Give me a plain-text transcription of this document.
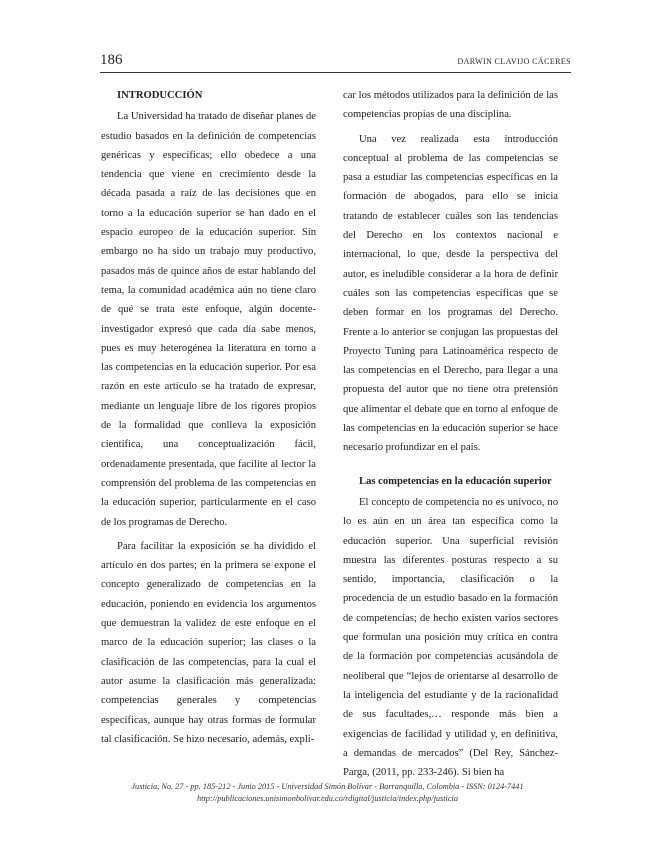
186	DARWIN CLAVIJO CÁCERES
INTRODUCCIÓN

La Universidad ha tratado de diseñar planes de estudio basados en la definición de competencias genéricas y específicas; ello obedece a una tendencia que viene en crecimiento desde la década pasada a raíz de las decisiones que en torno a la educación superior se han dado en el espacio europeo de la educación superior. Sin embargo no ha sido un trabajo muy productivo, pasados más de quince años de estar hablando del tema, la comunidad académica aún no tiene claro de qué se trata este enfoque, algún docente-investigador expresó que cada día sabe menos, pues es muy heterogénea la literatura en torno a las competencias en la educación superior. Por esa razón en este artículo se ha tratado de expresar, mediante un lenguaje libre de los rigores propios de la formalidad que conlleva la exposición científica, una conceptualización fácil, ordenadamente presentada, que facilite al lector la comprensión del problema de las competencias en la educación superior, particularmente en el caso de los programas de Derecho.

Para facilitar la exposición se ha dividido el artículo en dos partes; en la primera se expone el concepto generalizado de competencias en la educación, poniendo en evidencia los argumentos que demuestran la validez de este enfoque en el marco de la educación superior; las clases o la clasificación de las competencias, para la cual el autor asume la clasificación más generalizada: competencias generales y competencias específicas, aunque hay otras formas de formular tal clasificación. Se hizo necesario, además, expli-

car los métodos utilizados para la definición de las competencias propias de una disciplina.

Una vez realizada esta introducción conceptual al problema de las competencias se pasa a estudiar las competencias específicas en la formación de abogados, para ello se inicia tratando de establecer cuáles son las tendencias del Derecho en los contextos nacional e internacional, lo que, desde la perspectiva del autor, es ineludible considerar a la hora de definir cuáles son las competencias específicas que se deben formar en los programas del Derecho. Frente a lo anterior se conjugan las propuestas del Proyecto Tuning para Latinoamérica respecto de las competencias en el Derecho, para llegar a una propuesta del autor que no tiene otra pretensión que alimentar el debate que en torno al enfoque de las competencias en la educación superior se hace necesario profundizar en el país.

Las competencias en la educación superior

El concepto de competencia no es unívoco, no lo es aún en un área tan específica como la educación superior. Una superficial revisión muestra las diferentes posturas respecto a su sentido, importancia, clasificación o la procedencia de un estudio basado en la formación de competencias; de hecho existen varios sectores que formulan una posición muy crítica en contra de la formación por competencias acusándola de neoliberal que “lejos de orientarse al desarrollo de la inteligencia del estudiante y de la racionalidad de sus facultades,… responde más bien a exigencias de facilidad y utilidad y, en definitiva, a demandas de mercados” (Del Rey, Sánchez-Parga, (2011, pp. 233-246). Si bien ha

Justicia, No. 27 - pp. 185-212 - Junio 2015 - Universidad Simón Bolívar - Barranquilla, Colombia - ISSN: 0124-7441
http://publicaciones.unisimonbolivar.edu.co/rdigital/justicia/index.php/justicia
